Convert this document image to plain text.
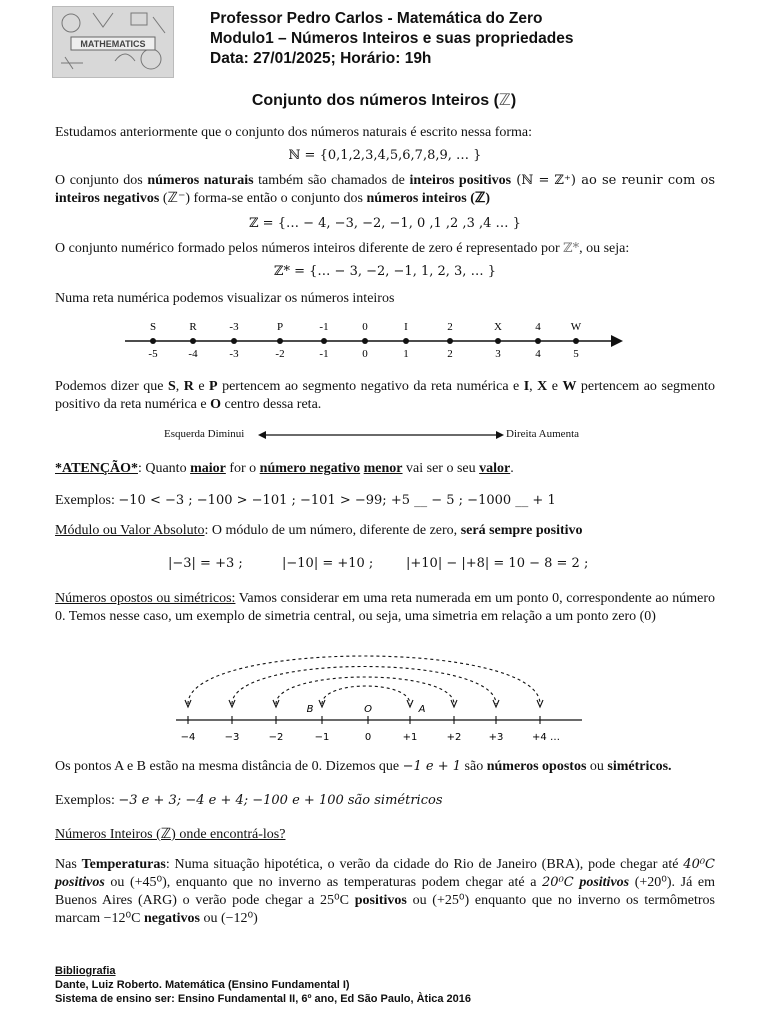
MATHEMATICS
Professor Pedro Carlos - Matemática do Zero
Modulo1 – Números Inteiros e suas propriedades
Data: 27/01/2025; Horário: 19h
Conjunto dos números Inteiros (ℤ)
Estudamos anteriormente que o conjunto dos números naturais é escrito nessa forma:
ℕ = {0,1,2,3,4,5,6,7,8,9, … }
O conjunto dos números naturais também são chamados de inteiros positivos (ℕ = ℤ⁺) ao se reunir com os inteiros negativos (ℤ⁻) forma-se então o conjunto dos números inteiros (ℤ)
ℤ = {… − 4, −3, −2, −1, 0 ,1 ,2 ,3 ,4 … }
O conjunto numérico formado pelos números inteiros diferente de zero é representado por ℤ*, ou seja:
ℤ* = {… − 3, −2, −1, 1, 2, 3, … }
Numa reta numérica podemos visualizar os números inteiros
S
-5
R
-4
-3
-3
P
-2
-1
-1
0
0
I
1
2
2
X
3
4
4
W
5
Podemos dizer que S, R e P pertencem ao segmento negativo da reta numérica e I, X e W pertencem ao segmento positivo da reta numérica e O centro dessa reta.
Esquerda Diminui	Direita Aumenta
*ATENÇÃO*: Quanto maior for o número negativo menor vai ser o seu valor.
Exemplos: −10 < −3 ; −100 > −101 ; −101 > −99; +5 __ − 5 ; −1000 __ + 1
Módulo ou Valor Absoluto: O módulo de um número, diferente de zero, será sempre positivo
|−3| = +3 ;	|−10| = +10 ;	|+10| − |+8| = 10 − 8 = 2 ;
Números opostos ou simétricos: Vamos considerar em uma reta numerada em um ponto 0, correspondente ao número 0. Temos nesse caso, um exemplo de simetria central, ou seja, uma simetria em relação a um ponto zero (0)
−4	−3	−2	−1	0	+1	+2	+3	+4 …
B	O	A
Os pontos A e B estão na mesma distância de 0. Dizemos que −1 e + 1 são números opostos ou simétricos.
Exemplos: −3 e + 3; −4 e + 4; −100 e + 100 são simétricos
Números Inteiros (ℤ) onde encontrá-los?
Nas Temperaturas: Numa situação hipotética, o verão da cidade do Rio de Janeiro (BRA), pode chegar até 40⁰C positivos ou (+45⁰), enquanto que no inverno as temperaturas podem chegar até a 20⁰C positivos (+20⁰). Já em Buenos Aires (ARG) o verão pode chegar a 25⁰C positivos ou (+25⁰) enquanto que no inverno os termômetros marcam −12⁰C negativos ou (−12⁰)
Bibliografia
Dante, Luiz Roberto. Matemática (Ensino Fundamental I)
Sistema de ensino ser: Ensino Fundamental II, 6º ano, Ed São Paulo, Àtica 2016
